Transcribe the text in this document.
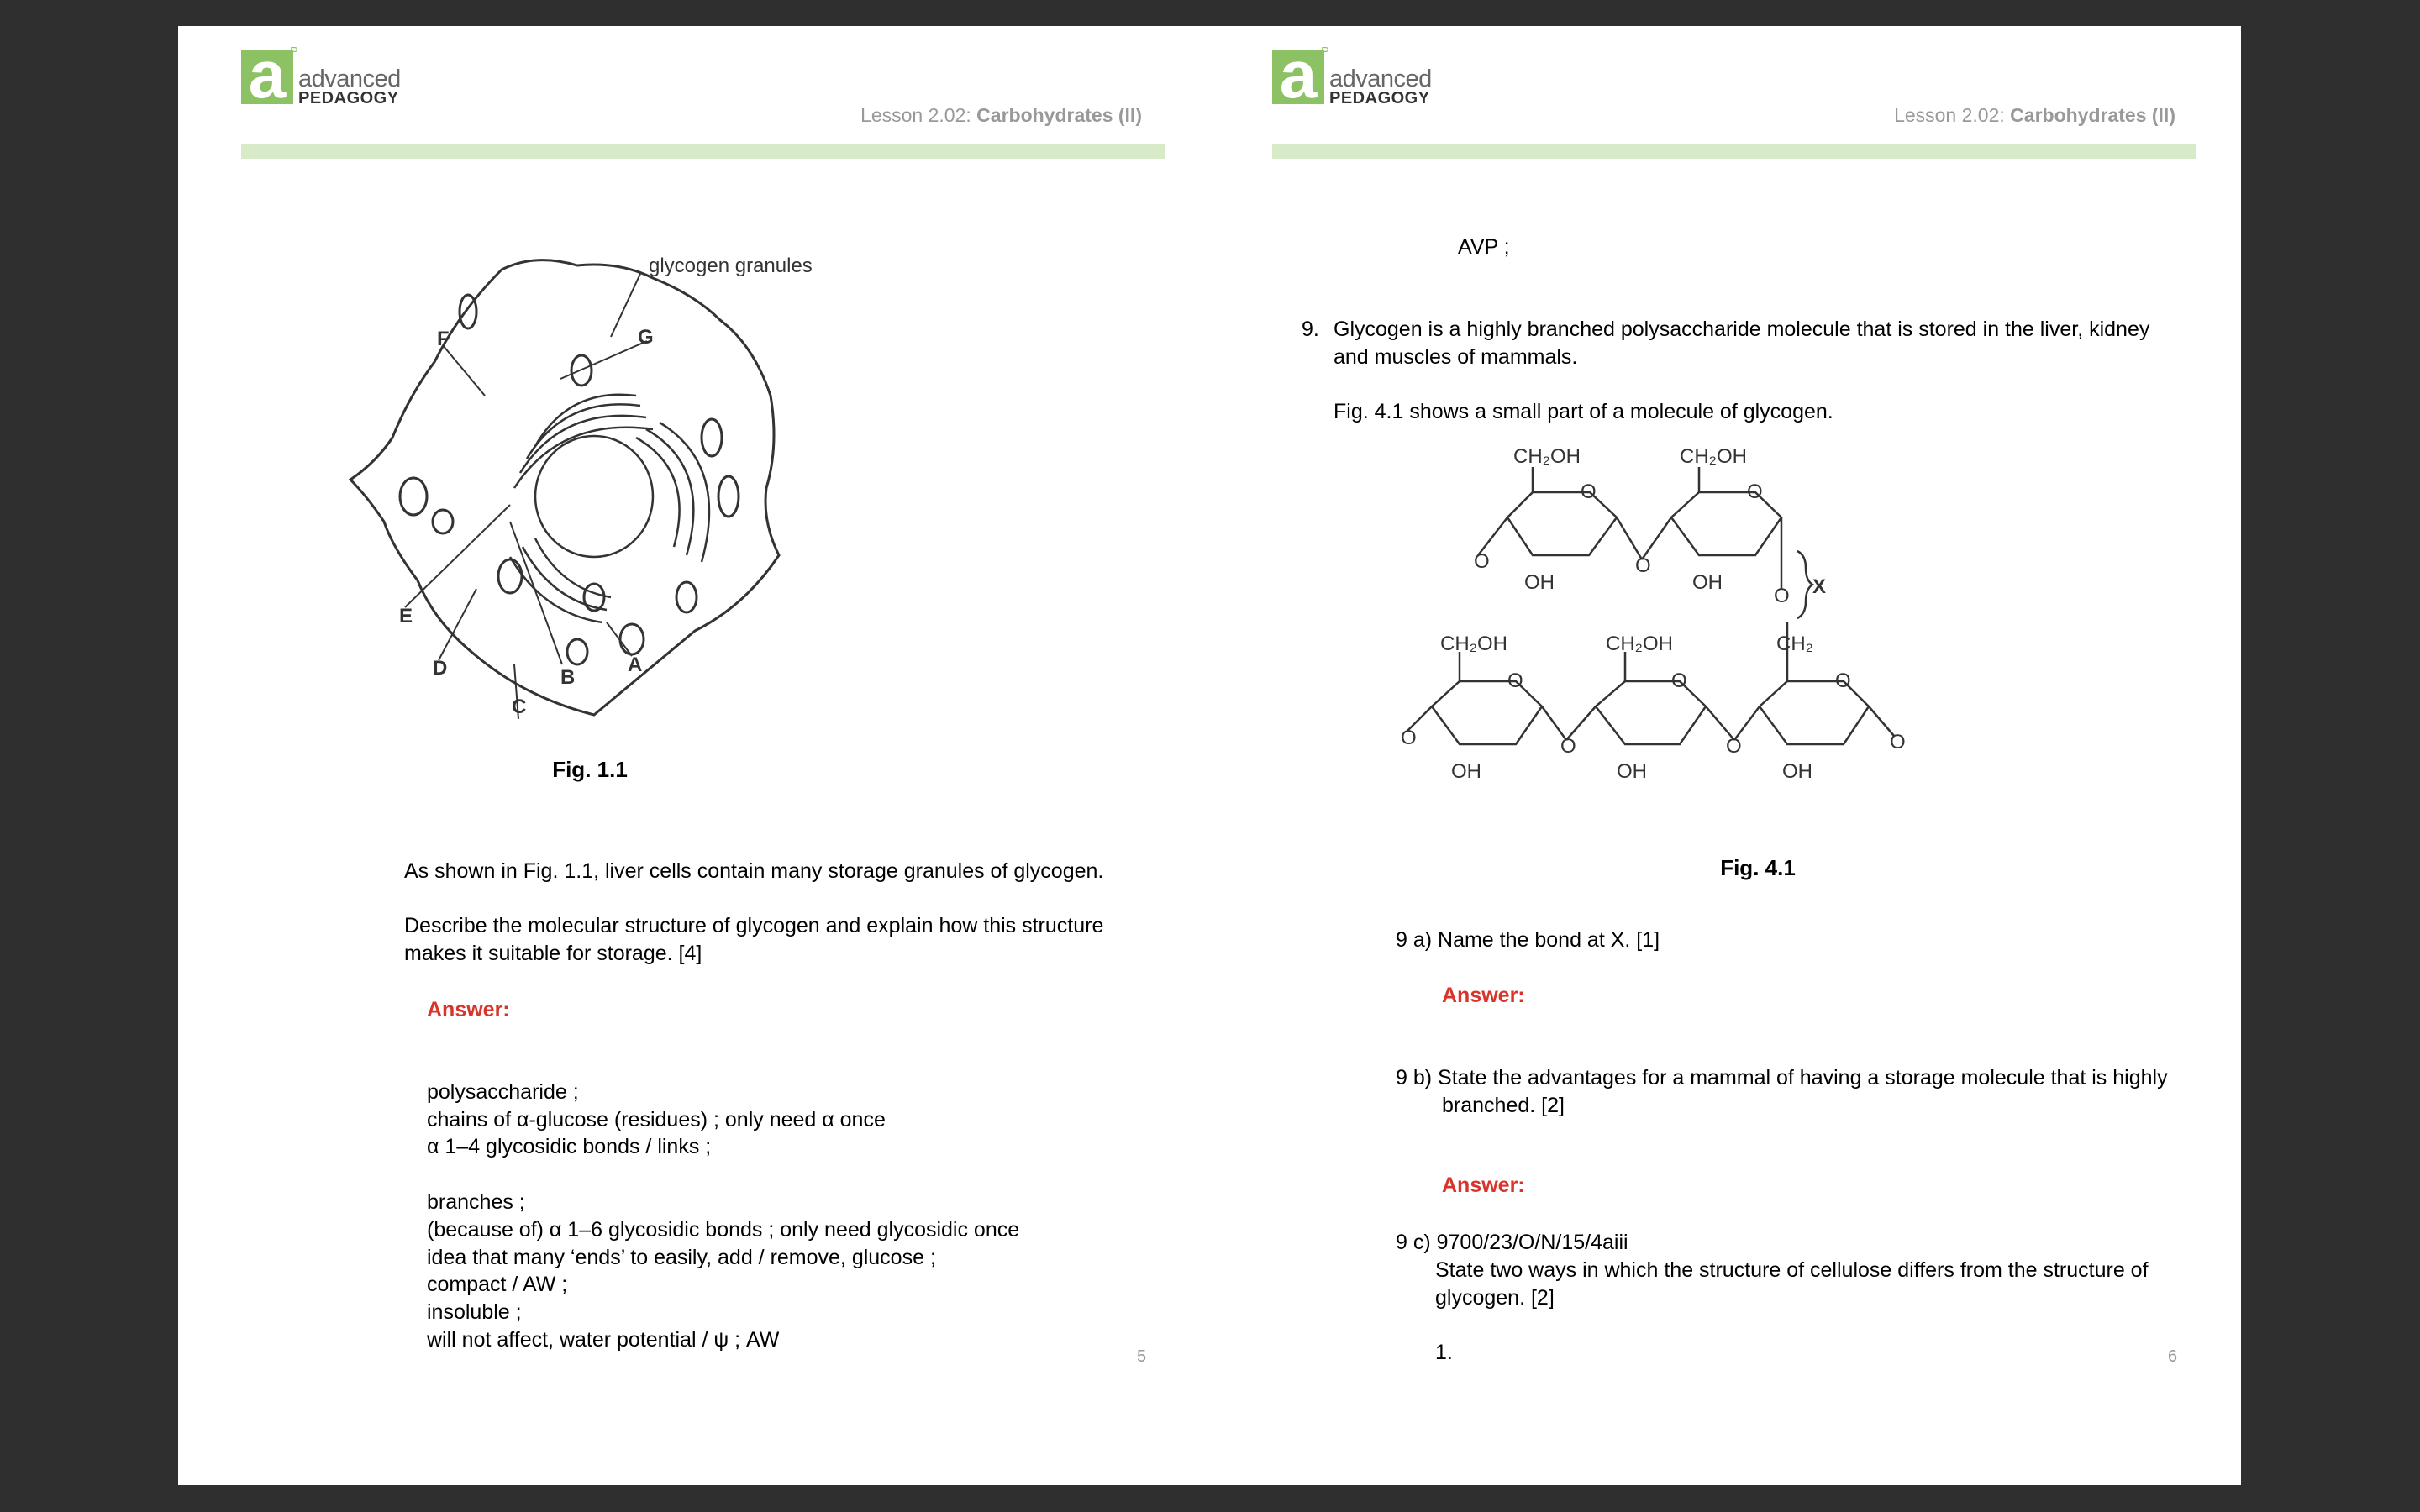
a P
advanced
PEDAGOGY
Lesson 2.02: Carbohydrates (II)
glycogen granules
G
F
E
D
C
B
A
Fig. 1.1
As shown in Fig. 1.1, liver cells contain many storage granules of glycogen.
Describe the molecular structure of glycogen and explain how this structure
makes it suitable for storage. [4]
Answer:
polysaccharide ;
chains of α-glucose (residues) ; only need α once
α 1–4 glycosidic bonds / links ;
branches ;
(because of) α 1–6 glycosidic bonds ; only need glycosidic once
idea that many ‘ends’ to easily, add / remove, glucose ;
compact / AW ;
insoluble ;
will not affect, water potential / ψ ; AW
5
a P
advanced
PEDAGOGY
Lesson 2.02: Carbohydrates (II)
AVP ;
9. Glycogen is a highly branched polysaccharide molecule that is stored in the liver, kidney
and muscles of mammals.
Fig. 4.1 shows a small part of a molecule of glycogen.
CH₂OH	CH₂OH
O	O
O	O
O X
CH₂OH	CH₂OH	CH₂
O	O	O	O
O	O	O
OH	OH
OH	OH	OH
Fig. 4.1
9 a) Name the bond at X. [1]
Answer:
9 b) State the advantages for a mammal of having a storage molecule that is highly
branched. [2]
Answer:
9 c) 9700/23/O/N/15/4aiii
State two ways in which the structure of cellulose differs from the structure of
glycogen. [2]
1.	6
